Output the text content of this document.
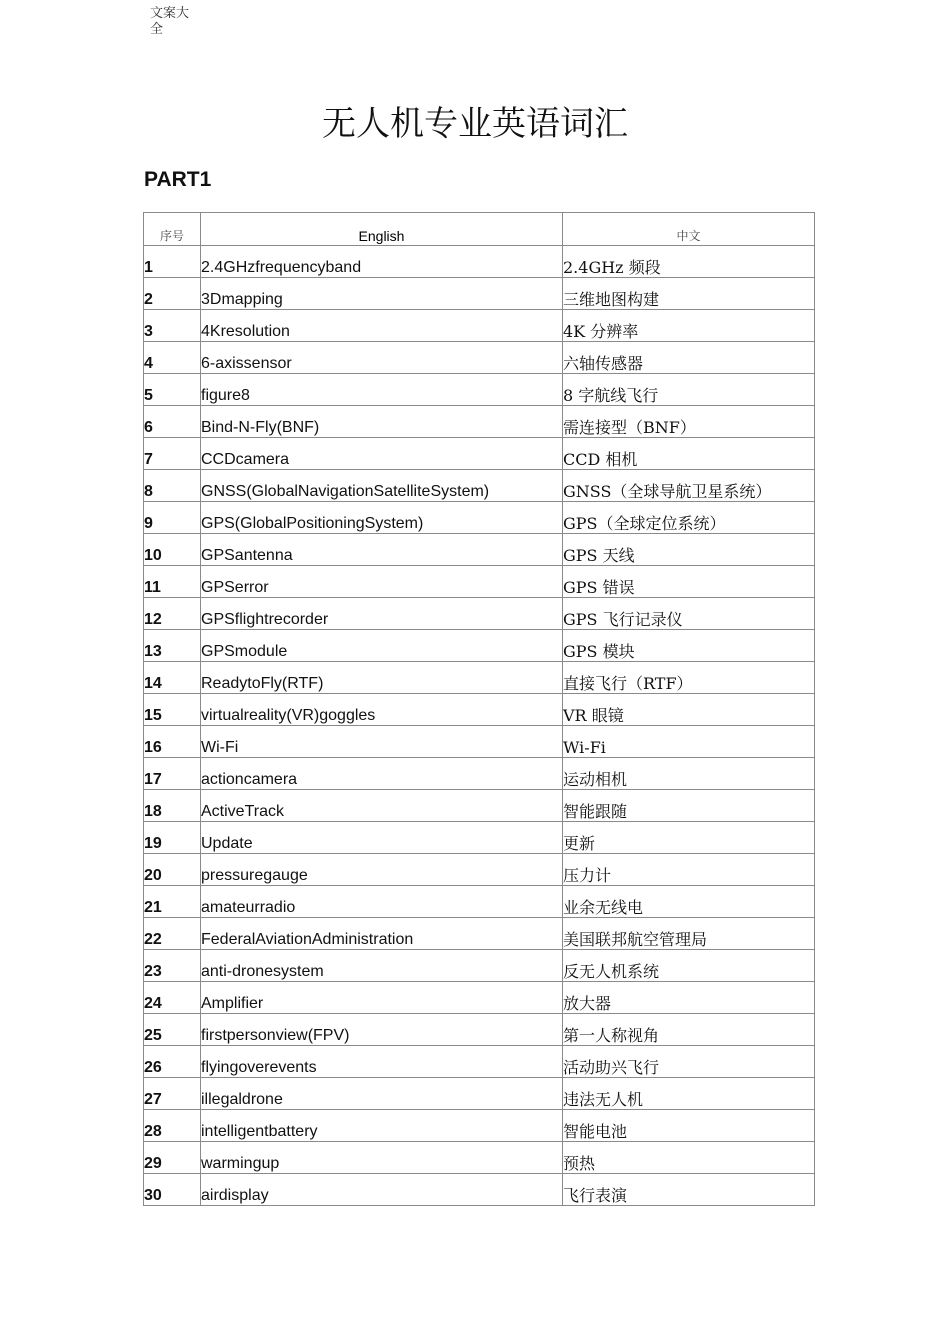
文案大全
无人机专业英语词汇
PART1
序号	English	中文
1	2.4GHzfrequencyband	2.4GHz 频段
2	3Dmapping	三维地图构建
3	4Kresolution	4K 分辨率
4	6-axissensor	六轴传感器
5	figure8	8 字航线飞行
6	Bind-N-Fly(BNF)	需连接型（BNF）
7	CCDcamera	CCD 相机
8	GNSS(GlobalNavigationSatelliteSystem)	GNSS（全球导航卫星系统）
9	GPS(GlobalPositioningSystem)	GPS（全球定位系统）
10	GPSantenna	GPS 天线
11	GPSerror	GPS 错误
12	GPSflightrecorder	GPS 飞行记录仪
13	GPSmodule	GPS 模块
14	ReadytoFly(RTF)	直接飞行（RTF）
15	virtualreality(VR)goggles	VR 眼镜
16	Wi-Fi	Wi-Fi
17	actioncamera	运动相机
18	ActiveTrack	智能跟随
19	Update	更新
20	pressuregauge	压力计
21	amateurradio	业余无线电
22	FederalAviationAdministration	美国联邦航空管理局
23	anti-dronesystem	反无人机系统
24	Amplifier	放大器
25	firstpersonview(FPV)	第一人称视角
26	flyingoverevents	活动助兴飞行
27	illegaldrone	违法无人机
28	intelligentbattery	智能电池
29	warmingup	预热
30	airdisplay	飞行表演
